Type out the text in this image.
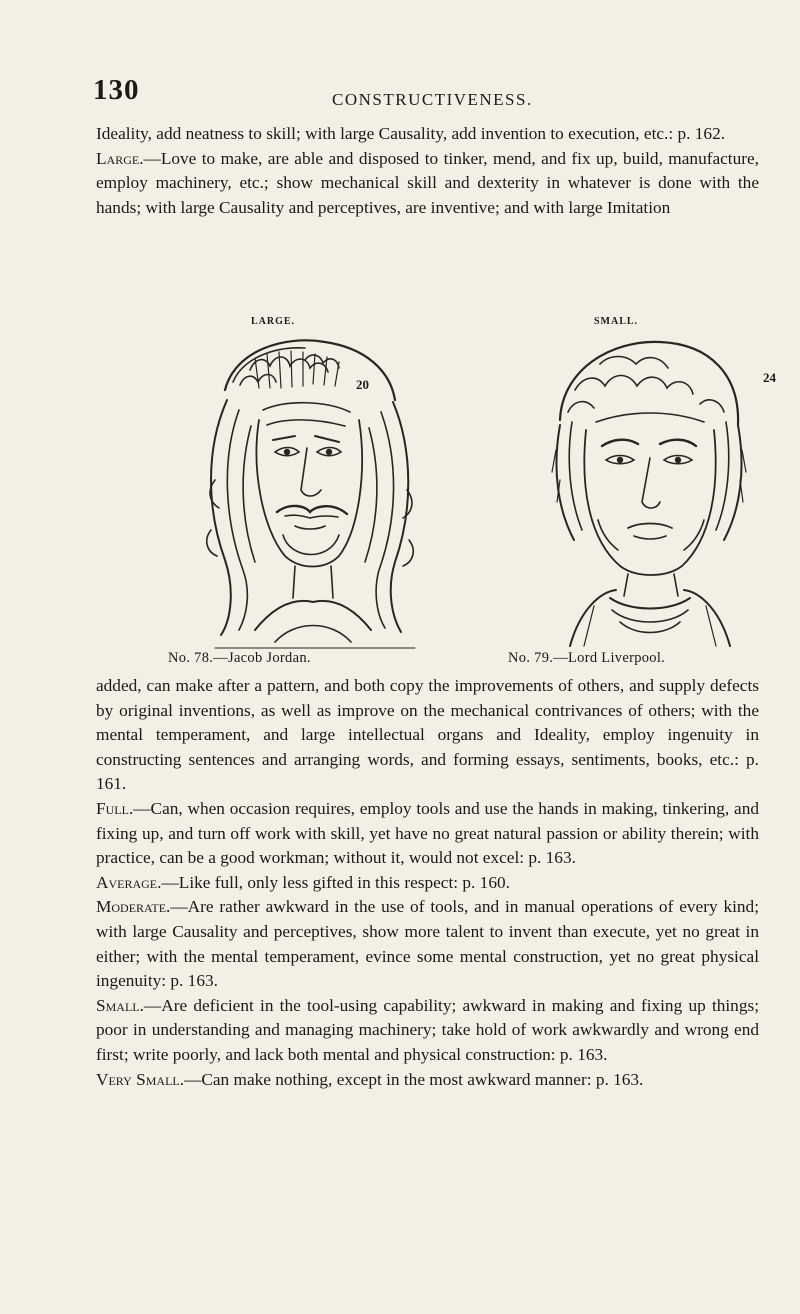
130	CONSTRUCTIVENESS.

Ideality, add neatness to skill; with large Causality, add invention to execution, etc.: p. 162.
Large.—Love to make, are able and disposed to tinker, mend, and fix up, build, manufacture, employ machinery, etc.; show mechanical skill and dexterity in whatever is done with the hands; with large Causality and perceptives, are inventive; and with large Imitation

LARGE.	SMALL.
20	24
No. 78.—Jacob Jordan.	No. 79.—Lord Liverpool.
added, can make after a pattern, and both copy the improvements of others, and supply defects by original inventions, as well as improve on the mechanical contrivances of others; with the mental temperament, and large intellectual organs and Ideality, employ ingenuity in constructing sentences and arranging words, and forming essays, sentiments, books, etc.: p. 161.
Full.—Can, when occasion requires, employ tools and use the hands in making, tinkering, and fixing up, and turn off work with skill, yet have no great natural passion or ability therein; with practice, can be a good workman; without it, would not excel: p. 163.
Average.—Like full, only less gifted in this respect: p. 160.
Moderate.—Are rather awkward in the use of tools, and in manual operations of every kind; with large Causality and perceptives, show more talent to invent than execute, yet no great in either; with the mental temperament, evince some mental construction, yet no great physical ingenuity: p. 163.
Small.—Are deficient in the tool-using capability; awkward in making and fixing up things; poor in understanding and managing machinery; take hold of work awkwardly and wrong end first; write poorly, and lack both mental and physical construction: p. 163.
Very Small.—Can make nothing, except in the most awkward manner: p. 163.
